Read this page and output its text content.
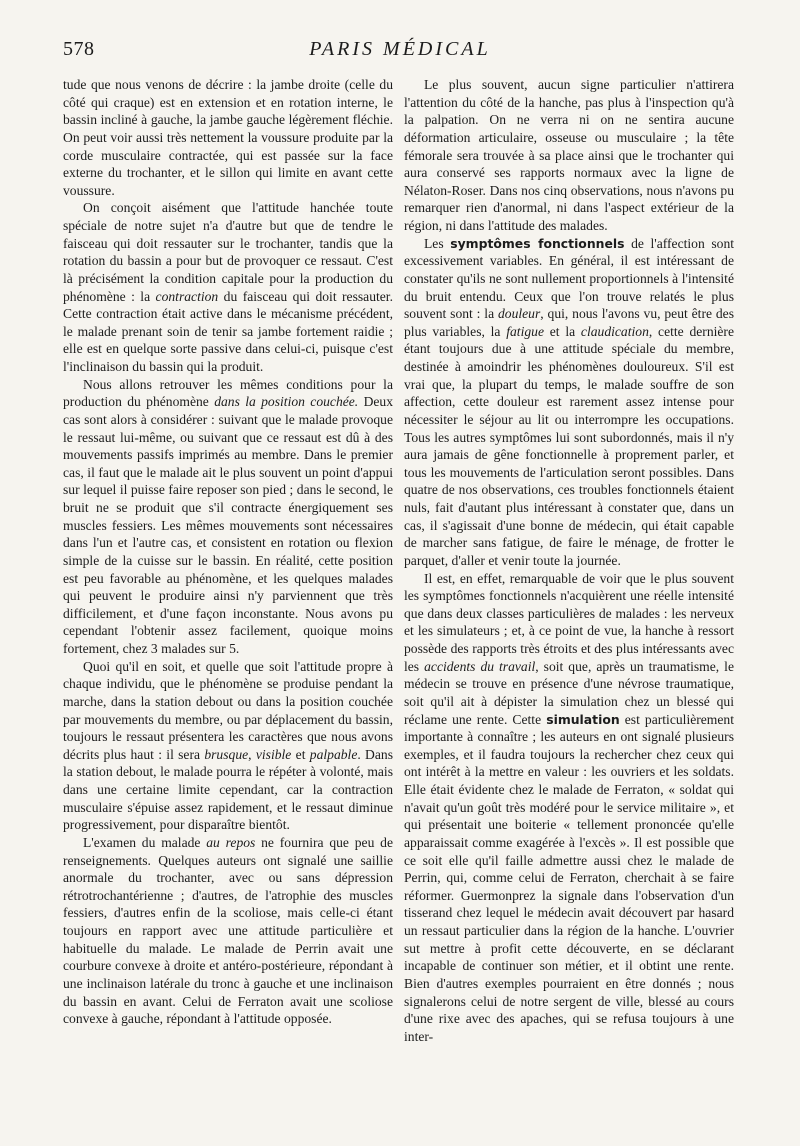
578	PARIS MÉDICAL

tude que nous venons de décrire : la jambe droite (celle du côté qui craque) est en extension et en rotation interne, le bassin incliné à gauche, la jambe gauche légèrement fléchie. On peut voir aussi très nettement la voussure produite par la corde musculaire contractée, qui est passée sur la face externe du trochanter, et le sillon qui limite en avant cette voussure.

On conçoit aisément que l'attitude hanchée toute spéciale de notre sujet n'a d'autre but que de tendre le faisceau qui doit ressauter sur le trochanter, tandis que la rotation du bassin a pour but de provoquer ce ressaut. C'est là précisément la condition capitale pour la production du phénomène : la contraction du faisceau qui doit ressauter. Cette contraction était active dans le mécanisme précédent, le malade prenant soin de tenir sa jambe fortement raidie ; elle est en quelque sorte passive dans celui-ci, puisque c'est l'inclinaison du bassin qui la produit.

Nous allons retrouver les mêmes conditions pour la production du phénomène dans la position couchée. Deux cas sont alors à considérer : suivant que le malade provoque le ressaut lui-même, ou suivant que ce ressaut est dû à des mouvements passifs imprimés au membre. Dans le premier cas, il faut que le malade ait le plus souvent un point d'appui sur lequel il puisse faire reposer son pied ; dans le second, le bruit ne se produit que s'il contracte énergiquement ses muscles fessiers. Les mêmes mouvements sont nécessaires dans l'un et l'autre cas, et consistent en rotation ou flexion simple de la cuisse sur le bassin. En réalité, cette position est peu favorable au phénomène, et les quelques malades qui peuvent le produire ainsi n'y parviennent que très difficilement, et d'une façon inconstante. Nous avons pu cependant l'obtenir assez facilement, quoique moins fortement, chez 3 malades sur 5.

Quoi qu'il en soit, et quelle que soit l'attitude propre à chaque individu, que le phénomène se produise pendant la marche, dans la station debout ou dans la position couchée par mouvements du membre, ou par déplacement du bassin, toujours le ressaut présentera les caractères que nous avons décrits plus haut : il sera brusque, visible et palpable. Dans la station debout, le malade pourra le répéter à volonté, mais dans une certaine limite cependant, car la contraction musculaire s'épuise assez rapidement, et le ressaut diminue progressivement, pour disparaître bientôt.

L'examen du malade au repos ne fournira que peu de renseignements. Quelques auteurs ont signalé une saillie anormale du trochanter, avec ou sans dépression rétrotrochantérienne ; d'autres, de l'atrophie des muscles fessiers, d'autres enfin de la scoliose, mais celle-ci étant toujours en rapport avec une attitude particulière et habituelle du malade. Le malade de Perrin avait une courbure convexe à droite et antéro-postérieure, répondant à une inclinaison latérale du tronc à gauche et une inclinaison du bassin en avant. Celui de Ferraton avait une scoliose convexe à gauche, répondant à l'attitude opposée.

Le plus souvent, aucun signe particulier n'attirera l'attention du côté de la hanche, pas plus à l'inspection qu'à la palpation. On ne verra ni on ne sentira aucune déformation articulaire, osseuse ou musculaire ; la tête fémorale sera trouvée à sa place ainsi que le trochanter qui aura conservé ses rapports normaux avec la ligne de Nélaton-Roser. Dans nos cinq observations, nous n'avons pu remarquer rien d'anormal, ni dans l'aspect extérieur de la région, ni dans l'attitude des malades.

Les symptômes fonctionnels de l'affection sont excessivement variables. En général, il est intéressant de constater qu'ils ne sont nullement proportionnels à l'intensité du bruit entendu. Ceux que l'on trouve relatés le plus souvent sont : la douleur, qui, nous l'avons vu, peut être des plus variables, la fatigue et la claudication, cette dernière étant toujours due à une attitude spéciale du membre, destinée à amoindrir les phénomènes douloureux. S'il est vrai que, la plupart du temps, le malade souffre de son affection, cette douleur est rarement assez intense pour nécessiter le séjour au lit ou interrompre les occupations. Tous les autres symptômes lui sont subordonnés, mais il n'y aura jamais de gêne fonctionnelle à proprement parler, et tous les mouvements de l'articulation seront possibles. Dans quatre de nos observations, ces troubles fonctionnels étaient nuls, fait d'autant plus intéressant à constater que, dans un cas, il s'agissait d'une bonne de médecin, qui était capable de marcher sans fatigue, de faire le ménage, de frotter le parquet, d'aller et venir toute la journée.

Il est, en effet, remarquable de voir que le plus souvent les symptômes fonctionnels n'acquièrent une réelle intensité que dans deux classes particulières de malades : les nerveux et les simulateurs ; et, à ce point de vue, la hanche à ressort possède des rapports très étroits et des plus intéressants avec les accidents du travail, soit que, après un traumatisme, le médecin se trouve en présence d'une névrose traumatique, soit qu'il ait à dépister la simulation chez un blessé qui réclame une rente. Cette simulation est particulièrement importante à connaître ; les auteurs en ont signalé plusieurs exemples, et il faudra toujours la rechercher chez ceux qui ont intérêt à la mettre en valeur : les ouvriers et les soldats. Elle était évidente chez le malade de Ferraton, « soldat qui n'avait qu'un goût très modéré pour le service militaire », et qui présentait une boiterie « tellement prononcée qu'elle apparaissait comme exagérée à l'excès ». Il est possible que ce soit elle qu'il faille admettre aussi chez le malade de Perrin, qui, comme celui de Ferraton, cherchait à se faire réformer. Guermonprez la signale dans l'observation d'un tisserand chez lequel le médecin avait découvert par hasard un ressaut particulier dans la région de la hanche. L'ouvrier sut mettre à profit cette découverte, en se déclarant incapable de continuer son métier, et il obtint une rente. Bien d'autres exemples pourraient en être donnés ; nous signalerons celui de notre sergent de ville, blessé au cours d'une rixe avec des apaches, qui se refusa toujours à une inter-
